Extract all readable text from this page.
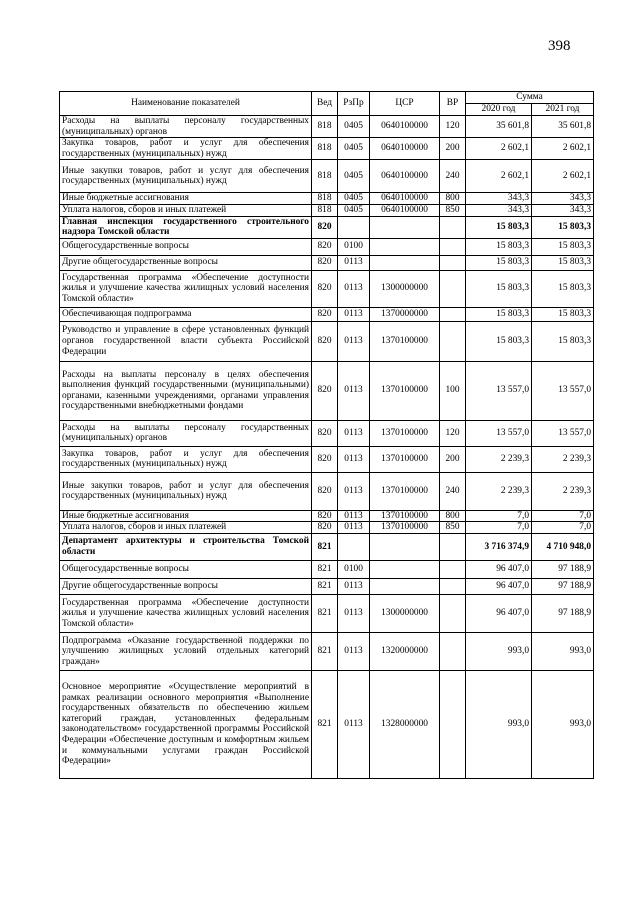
398
Наименование показателей	Вед	РзПр	ЦСР	ВР	Сумма	
					2020 год	2021 год
Расходы на выплаты персоналу государственных (муниципальных) органов	818	0405	0640100000	120	35 601,8	35 601,8
Закупка товаров, работ и услуг для обеспечения государственных (муниципальных) нужд	818	0405	0640100000	200	2 602,1	2 602,1
Иные закупки товаров, работ и услуг для обеспечения государственных (муниципальных) нужд	818	0405	0640100000	240	2 602,1	2 602,1
Иные бюджетные ассигнования	818	0405	0640100000	800	343,3	343,3
Уплата налогов, сборов и иных платежей	818	0405	0640100000	850	343,3	343,3
Главная инспекция государственного строительного надзора Томской области	820				15 803,3	15 803,3
Общегосударственные вопросы	820	0100			15 803,3	15 803,3
Другие общегосударственные вопросы	820	0113			15 803,3	15 803,3
Государственная программа «Обеспечение доступности жилья и улучшение качества жилищных условий населения Томской области»	820	0113	1300000000		15 803,3	15 803,3
Обеспечивающая подпрограмма	820	0113	1370000000		15 803,3	15 803,3
Руководство и управление в сфере установленных функций органов государственной власти субъекта Российской Федерации	820	0113	1370100000		15 803,3	15 803,3
Расходы на выплаты персоналу в целях обеспечения выполнения функций государственными (муниципальными) органами, казенными учреждениями, органами управления государственными внебюджетными фондами	820	0113	1370100000	100	13 557,0	13 557,0
Расходы на выплаты персоналу государственных (муниципальных) органов	820	0113	1370100000	120	13 557,0	13 557,0
Закупка товаров, работ и услуг для обеспечения государственных (муниципальных) нужд	820	0113	1370100000	200	2 239,3	2 239,3
Иные закупки товаров, работ и услуг для обеспечения государственных (муниципальных) нужд	820	0113	1370100000	240	2 239,3	2 239,3
Иные бюджетные ассигнования	820	0113	1370100000	800	7,0	7,0
Уплата налогов, сборов и иных платежей	820	0113	1370100000	850	7,0	7,0
Департамент архитектуры и строительства Томской области	821				3 716 374,9	4 710 948,0
Общегосударственные вопросы	821	0100			96 407,0	97 188,9
Другие общегосударственные вопросы	821	0113			96 407,0	97 188,9
Государственная программа «Обеспечение доступности жилья и улучшение качества жилищных условий населения Томской области»	821	0113	1300000000		96 407,0	97 188,9
Подпрограмма «Оказание государственной поддержки по улучшению жилищных условий отдельных категорий граждан»	821	0113	1320000000		993,0	993,0
Основное мероприятие «Осуществление мероприятий в рамках реализации основного мероприятия «Выполнение государственных обязательств по обеспечению жильем категорий граждан, установленных федеральным законодательством» государственной программы Российской Федерации «Обеспечение доступным и комфортным жильем и коммунальными услугами граждан Российской Федерации»	821	0113	1328000000		993,0	993,0
